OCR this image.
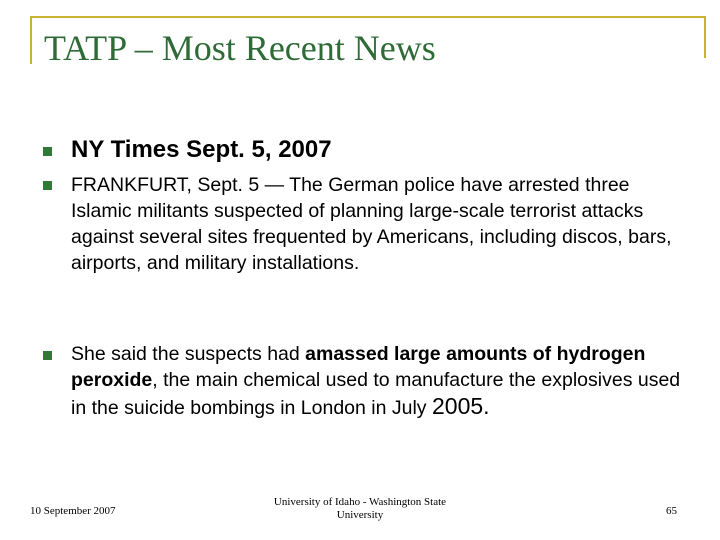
TATP – Most Recent News
NY Times Sept. 5, 2007
FRANKFURT, Sept. 5 — The German police have arrested three Islamic militants suspected of planning large-scale terrorist attacks against several sites frequented by Americans, including discos, bars, airports, and military installations.
She said the suspects had amassed large amounts of hydrogen peroxide, the main chemical used to manufacture the explosives used in the suicide bombings in London in July 2005.
10 September 2007
University of Idaho - Washington State
University	65
